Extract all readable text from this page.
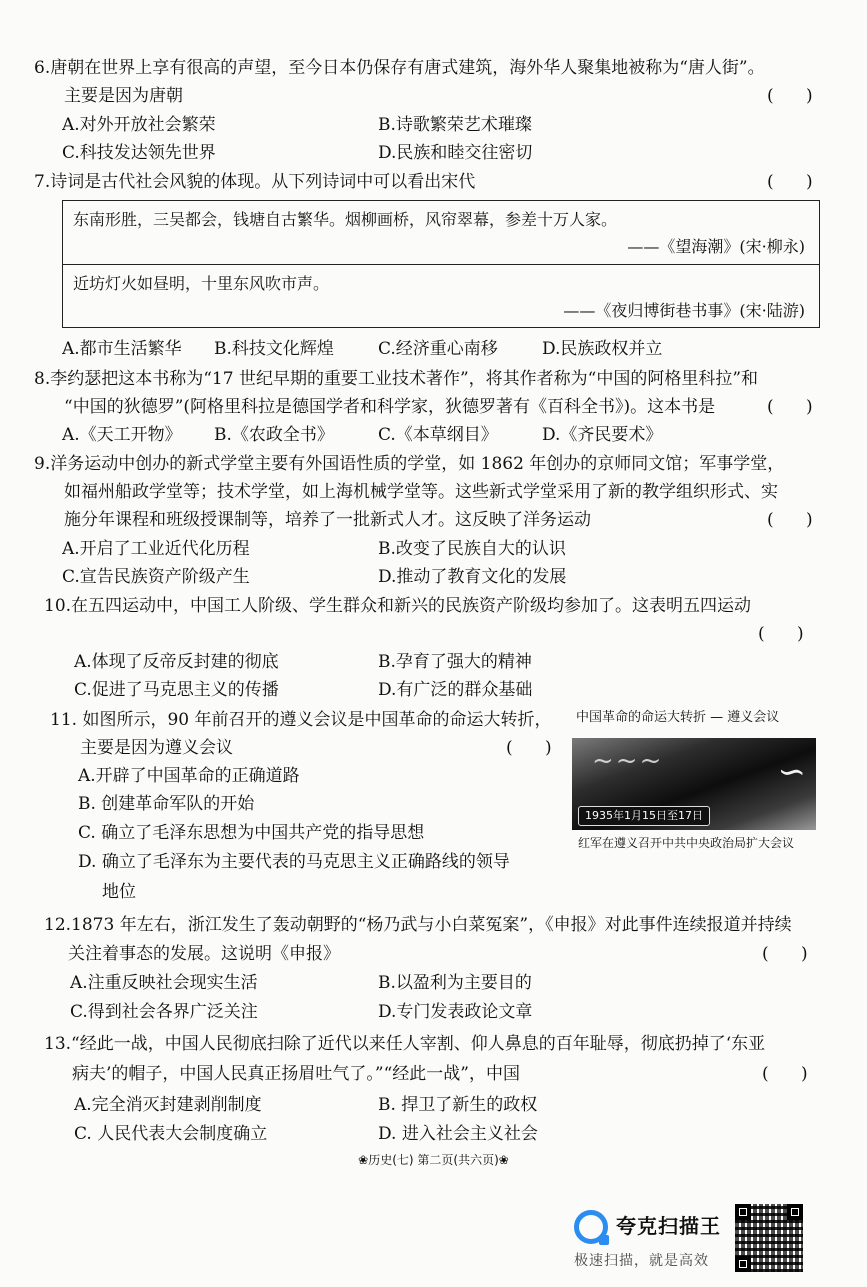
6.唐朝在世界上享有很高的声望，至今日本仍保存有唐式建筑，海外华人聚集地被称为“唐人街”。
主要是因为唐朝	(      )
A.对外开放社会繁荣	B.诗歌繁荣艺术璀璨
C.科技发达领先世界	D.民族和睦交往密切
7.诗词是古代社会风貌的体现。从下列诗词中可以看出宋代	(      )
东南形胜，三吴都会，钱塘自古繁华。烟柳画桥，风帘翠幕，参差十万人家。
——《望海潮》(宋·柳永)
近坊灯火如昼明，十里东风吹市声。
——《夜归博街巷书事》(宋·陆游)
A.都市生活繁华 B.科技文化辉煌	C.经济重心南移	D.民族政权并立
8.李约瑟把这本书称为“17 世纪早期的重要工业技术著作”，将其作者称为“中国的阿格里科拉”和
“中国的狄德罗”(阿格里科拉是德国学者和科学家，狄德罗著有《百科全书》)。这本书是	(      )
A.《天工开物》 B.《农政全书》	C.《本草纲目》	D.《齐民要术》
9.洋务运动中创办的新式学堂主要有外国语性质的学堂，如 1862 年创办的京师同文馆；军事学堂，
如福州船政学堂等；技术学堂，如上海机械学堂等。这些新式学堂采用了新的教学组织形式、实
施分年课程和班级授课制等，培养了一批新式人才。这反映了洋务运动	(      )
A.开启了工业近代化历程	B.改变了民族自大的认识
C.宣告民族资产阶级产生	D.推动了教育文化的发展
10.在五四运动中，中国工人阶级、学生群众和新兴的民族资产阶级均参加了。这表明五四运动
(      )
A.体现了反帝反封建的彻底	B.孕育了强大的精神
C.促进了马克思主义的传播	D.有广泛的群众基础
11. 如图所示，90 年前召开的遵义会议是中国革命的命运大转折，
主要是因为遵义会议	(      )
A.开辟了中国革命的正确道路
B. 创建革命军队的开始
C. 确立了毛泽东思想为中国共产党的指导思想
D. 确立了毛泽东为主要代表的马克思主义正确路线的领导
地位
中国革命的命运大转折 — 遵义会议
~~~	∽
1935年1月15日至17日
红军在遵义召开中共中央政治局扩大会议
12.1873 年左右，浙江发生了轰动朝野的“杨乃武与小白菜冤案”，《申报》对此事件连续报道并持续
关注着事态的发展。这说明《申报》	(      )
A.注重反映社会现实生活	B.以盈利为主要目的
C.得到社会各界广泛关注	D.专门发表政论文章
13.“经此一战，中国人民彻底扫除了近代以来任人宰割、仰人鼻息的百年耻辱，彻底扔掉了‘东亚
病夫’的帽子，中国人民真正扬眉吐气了。”“经此一战”，中国	(      )
A.完全消灭封建剥削制度	B. 捍卫了新生的政权
C. 人民代表大会制度确立	D. 进入社会主义社会
❀历史(七) 第二页(共六页)❀
夸克扫描王
极速扫描，就是高效
